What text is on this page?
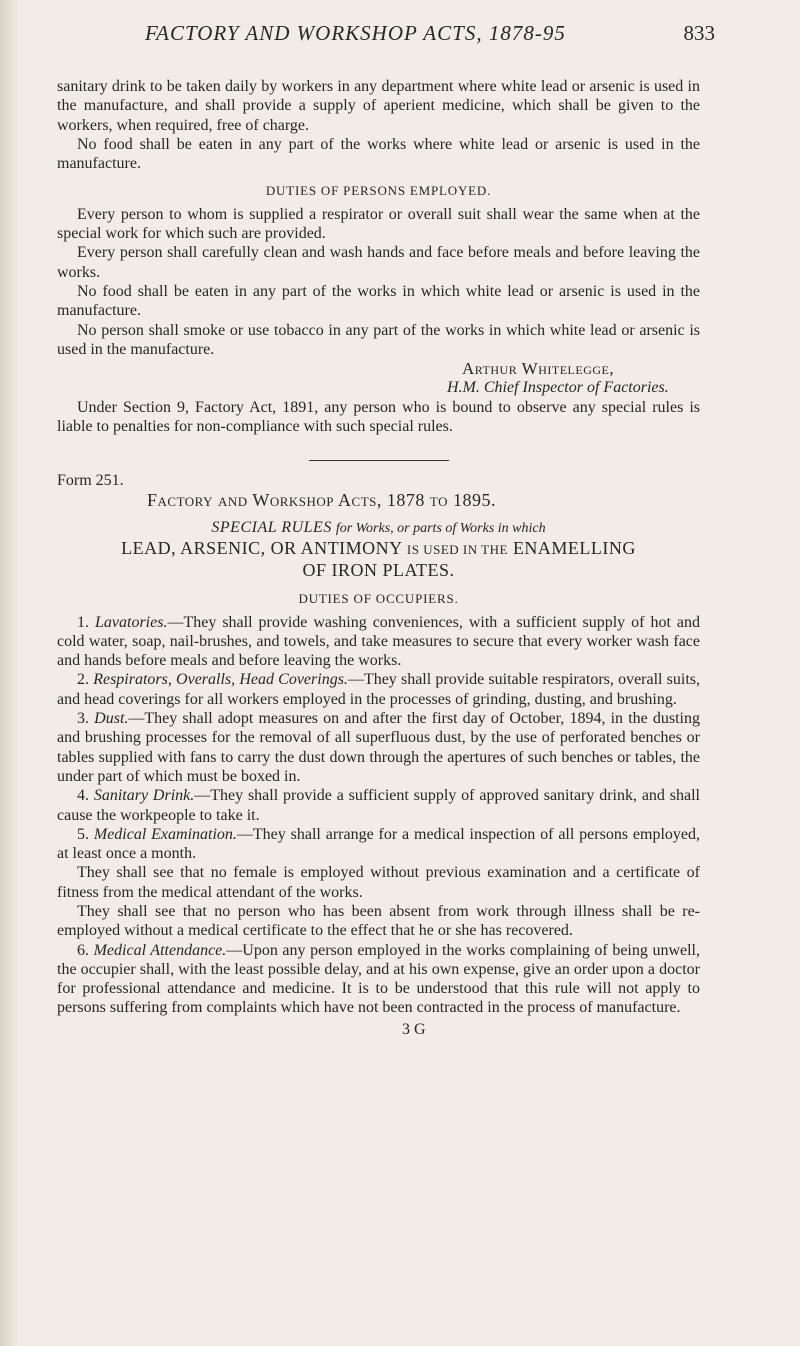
FACTORY AND WORKSHOP ACTS, 1878-95	833

sanitary drink to be taken daily by workers in any department where white lead or arsenic is used in the manufacture, and shall provide a supply of aperient medicine, which shall be given to the workers, when required, free of charge.

No food shall be eaten in any part of the works where white lead or arsenic is used in the manufacture.

DUTIES OF PERSONS EMPLOYED.

Every person to whom is supplied a respirator or overall suit shall wear the same when at the special work for which such are provided.

Every person shall carefully clean and wash hands and face before meals and before leaving the works.

No food shall be eaten in any part of the works in which white lead or arsenic is used in the manufacture.

No person shall smoke or use tobacco in any part of the works in which white lead or arsenic is used in the manufacture.

Arthur Whitelegge,
H.M. Chief Inspector of Factories.

Under Section 9, Factory Act, 1891, any person who is bound to observe any special rules is liable to penalties for non-compliance with such special rules.

Form 251.
Factory and Workshop Acts, 1878 to 1895.
SPECIAL RULES for Works, or parts of Works in which
LEAD, ARSENIC, OR ANTIMONY IS USED IN THE ENAMELLING
OF IRON PLATES.
DUTIES OF OCCUPIERS.

1. Lavatories.—They shall provide washing conveniences, with a sufficient supply of hot and cold water, soap, nail-brushes, and towels, and take measures to secure that every worker wash face and hands before meals and before leaving the works.

2. Respirators, Overalls, Head Coverings.—They shall provide suitable respirators, overall suits, and head coverings for all workers employed in the processes of grinding, dusting, and brushing.

3. Dust.—They shall adopt measures on and after the first day of October, 1894, in the dusting and brushing processes for the removal of all superfluous dust, by the use of perforated benches or tables supplied with fans to carry the dust down through the apertures of such benches or tables, the under part of which must be boxed in.

4. Sanitary Drink.—They shall provide a sufficient supply of approved sanitary drink, and shall cause the workpeople to take it.

5. Medical Examination.—They shall arrange for a medical inspection of all persons employed, at least once a month.

They shall see that no female is employed without previous examination and a certificate of fitness from the medical attendant of the works.

They shall see that no person who has been absent from work through illness shall be re-employed without a medical certificate to the effect that he or she has recovered.

6. Medical Attendance.—Upon any person employed in the works complaining of being unwell, the occupier shall, with the least possible delay, and at his own expense, give an order upon a doctor for professional attendance and medicine. It is to be understood that this rule will not apply to persons suffering from complaints which have not been contracted in the process of manufacture.

3 G
